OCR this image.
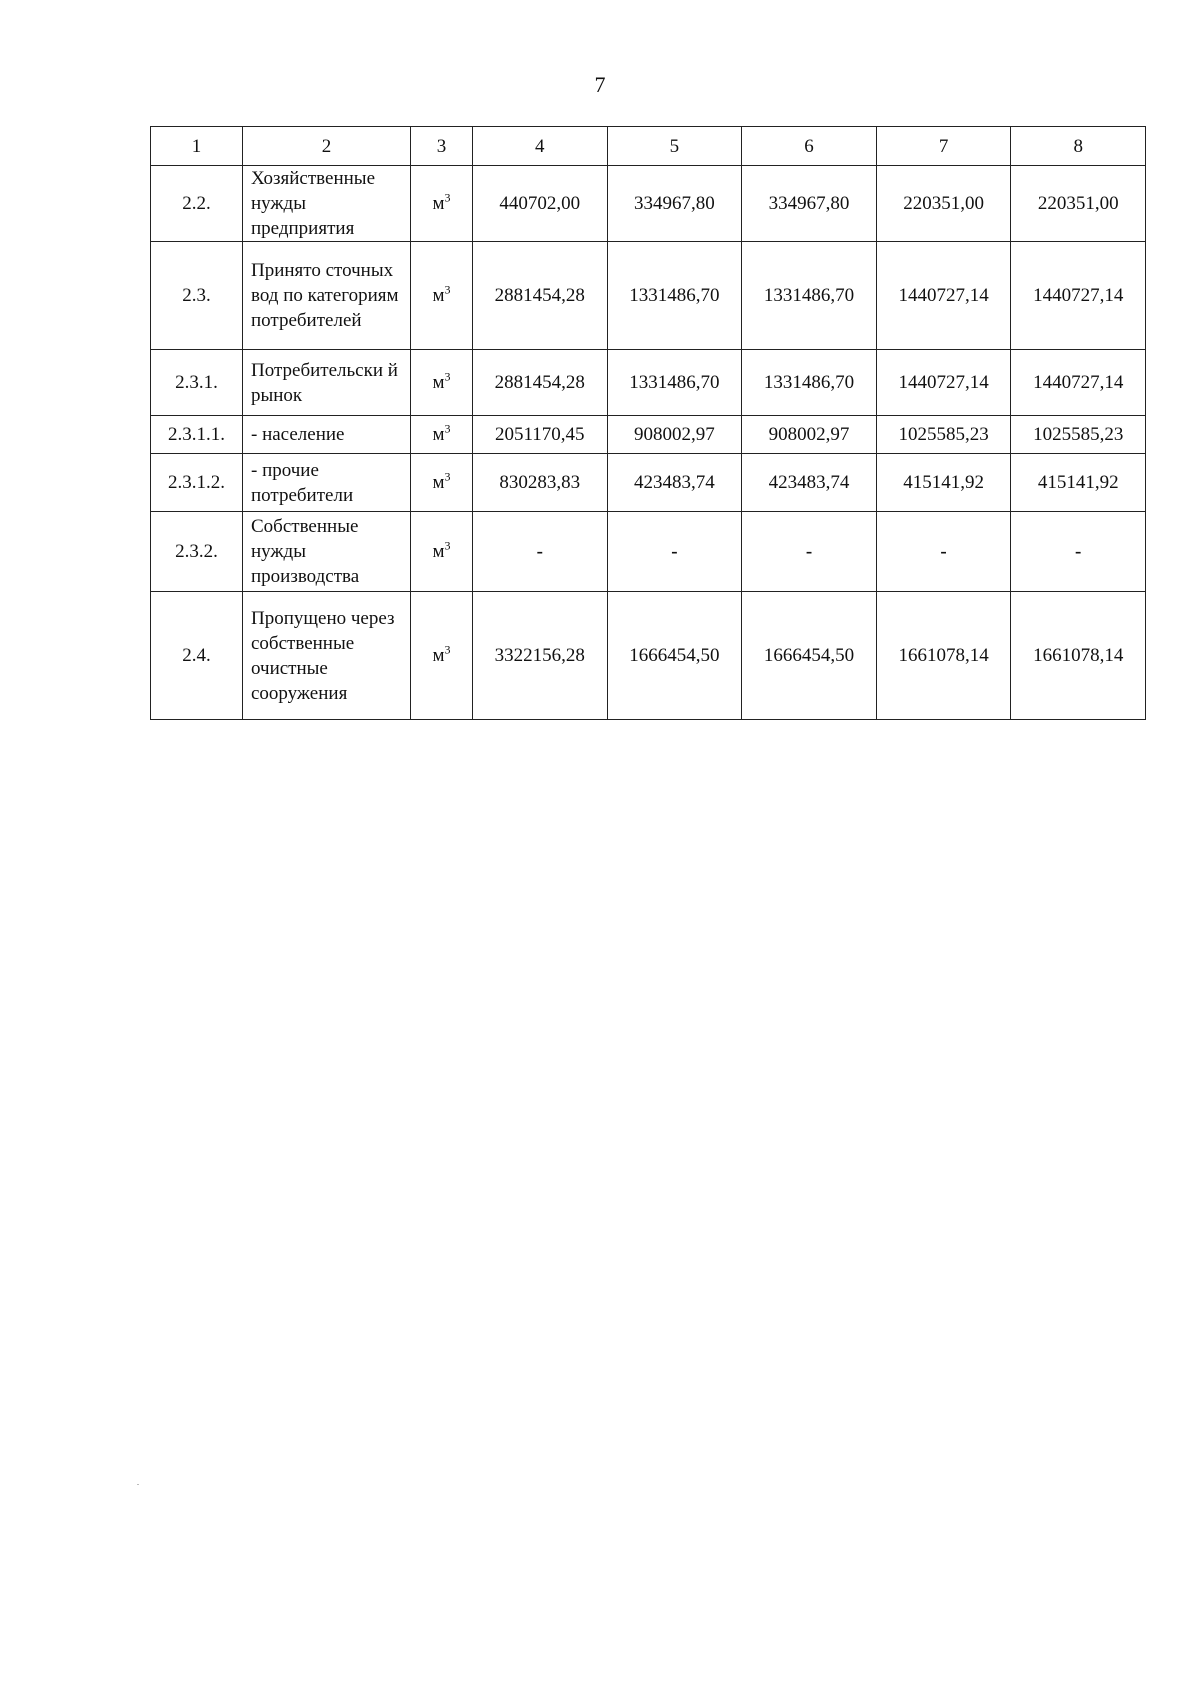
7
1	2	3	4	5	6	7	8
2.2.	Хозяйственные нужды предприятия	$м^3$	440702,00	334967,80	334967,80	220351,00	220351,00
2.3.	Принято сточных вод по категориям потребителей	$м^3$	2881454,28	1331486,70	1331486,70	1440727,14	1440727,14
2.3.1.	Потребительски й рынок	$м^3$	2881454,28	1331486,70	1331486,70	1440727,14	1440727,14
2.3.1.1.	- население	$м^3$	2051170,45	908002,97	908002,97	1025585,23	1025585,23
2.3.1.2.	- прочие потребители	$м^3$	830283,83	423483,74	423483,74	415141,92	415141,92
2.3.2.	Собственные нужды производства	$м^3$	-	-	-	-	-
2.4.	Пропущено через собственные очистные сооружения	$м^3$	3322156,28	1666454,50	1666454,50	1661078,14	1661078,14
